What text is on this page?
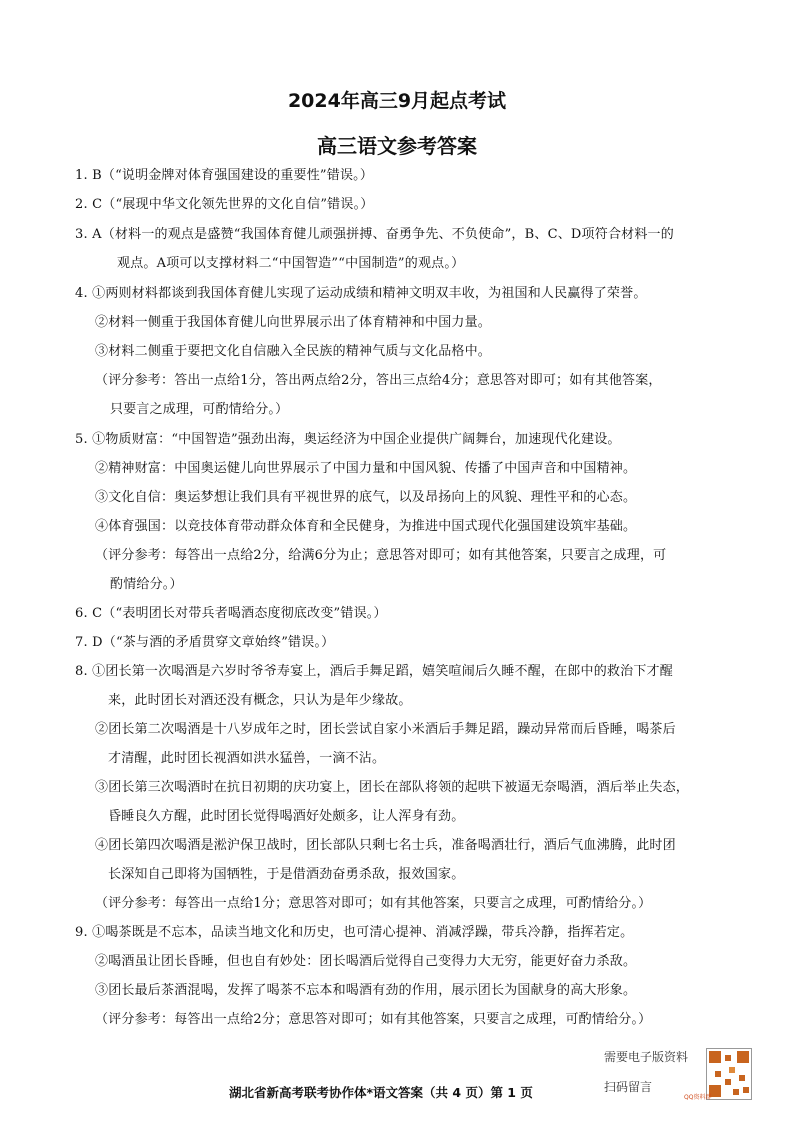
2024年高三9月起点考试
高三语文参考答案
1. B（“说明金牌对体育强国建设的重要性”错误。）
2. C（“展现中华文化领先世界的文化自信”错误。）
3. A（材料一的观点是盛赞“我国体育健儿顽强拼搏、奋勇争先、不负使命”，B、C、D项符合材料一的
观点。A项可以支撑材料二“中国智造”“中国制造”的观点。）
4. ①两则材料都谈到我国体育健儿实现了运动成绩和精神文明双丰收，为祖国和人民赢得了荣誉。
②材料一侧重于我国体育健儿向世界展示出了体育精神和中国力量。
③材料二侧重于要把文化自信融入全民族的精神气质与文化品格中。
（评分参考：答出一点给1分，答出两点给2分，答出三点给4分；意思答对即可；如有其他答案，
只要言之成理，可酌情给分。）
5. ①物质财富：“中国智造”强劲出海，奥运经济为中国企业提供广阔舞台，加速现代化建设。
②精神财富：中国奥运健儿向世界展示了中国力量和中国风貌、传播了中国声音和中国精神。
③文化自信：奥运梦想让我们具有平视世界的底气，以及昂扬向上的风貌、理性平和的心态。
④体育强国：以竞技体育带动群众体育和全民健身，为推进中国式现代化强国建设筑牢基础。
（评分参考：每答出一点给2分，给满6分为止；意思答对即可；如有其他答案，只要言之成理，可
酌情给分。）
6. C（“表明团长对带兵者喝酒态度彻底改变”错误。）
7. D（“茶与酒的矛盾贯穿文章始终”错误。）
8. ①团长第一次喝酒是六岁时爷爷寿宴上，酒后手舞足蹈，嬉笑喧闹后久睡不醒，在郎中的救治下才醒
来，此时团长对酒还没有概念，只认为是年少缘故。
②团长第二次喝酒是十八岁成年之时，团长尝试自家小米酒后手舞足蹈，躁动异常而后昏睡，喝茶后
才清醒，此时团长视酒如洪水猛兽，一滴不沾。
③团长第三次喝酒时在抗日初期的庆功宴上，团长在部队将领的起哄下被逼无奈喝酒，酒后举止失态，
昏睡良久方醒，此时团长觉得喝酒好处颇多，让人浑身有劲。
④团长第四次喝酒是淞沪保卫战时，团长部队只剩七名士兵，准备喝酒壮行，酒后气血沸腾，此时团
长深知自己即将为国牺牲，于是借酒劲奋勇杀敌，报效国家。
（评分参考：每答出一点给1分；意思答对即可；如有其他答案，只要言之成理，可酌情给分。）
9. ①喝茶既是不忘本，品读当地文化和历史，也可清心提神、消减浮躁，带兵冷静，指挥若定。
②喝酒虽让团长昏睡，但也自有妙处：团长喝酒后觉得自己变得力大无穷，能更好奋力杀敌。
③团长最后茶酒混喝，发挥了喝茶不忘本和喝酒有劲的作用，展示团长为国献身的高大形象。
（评分参考：每答出一点给2分；意思答对即可；如有其他答案，只要言之成理，可酌情给分。）
需要电子版资料
扫码留言
QQ资料群
湖北省新高考联考协作体*语文答案（共 4 页）第 1 页
